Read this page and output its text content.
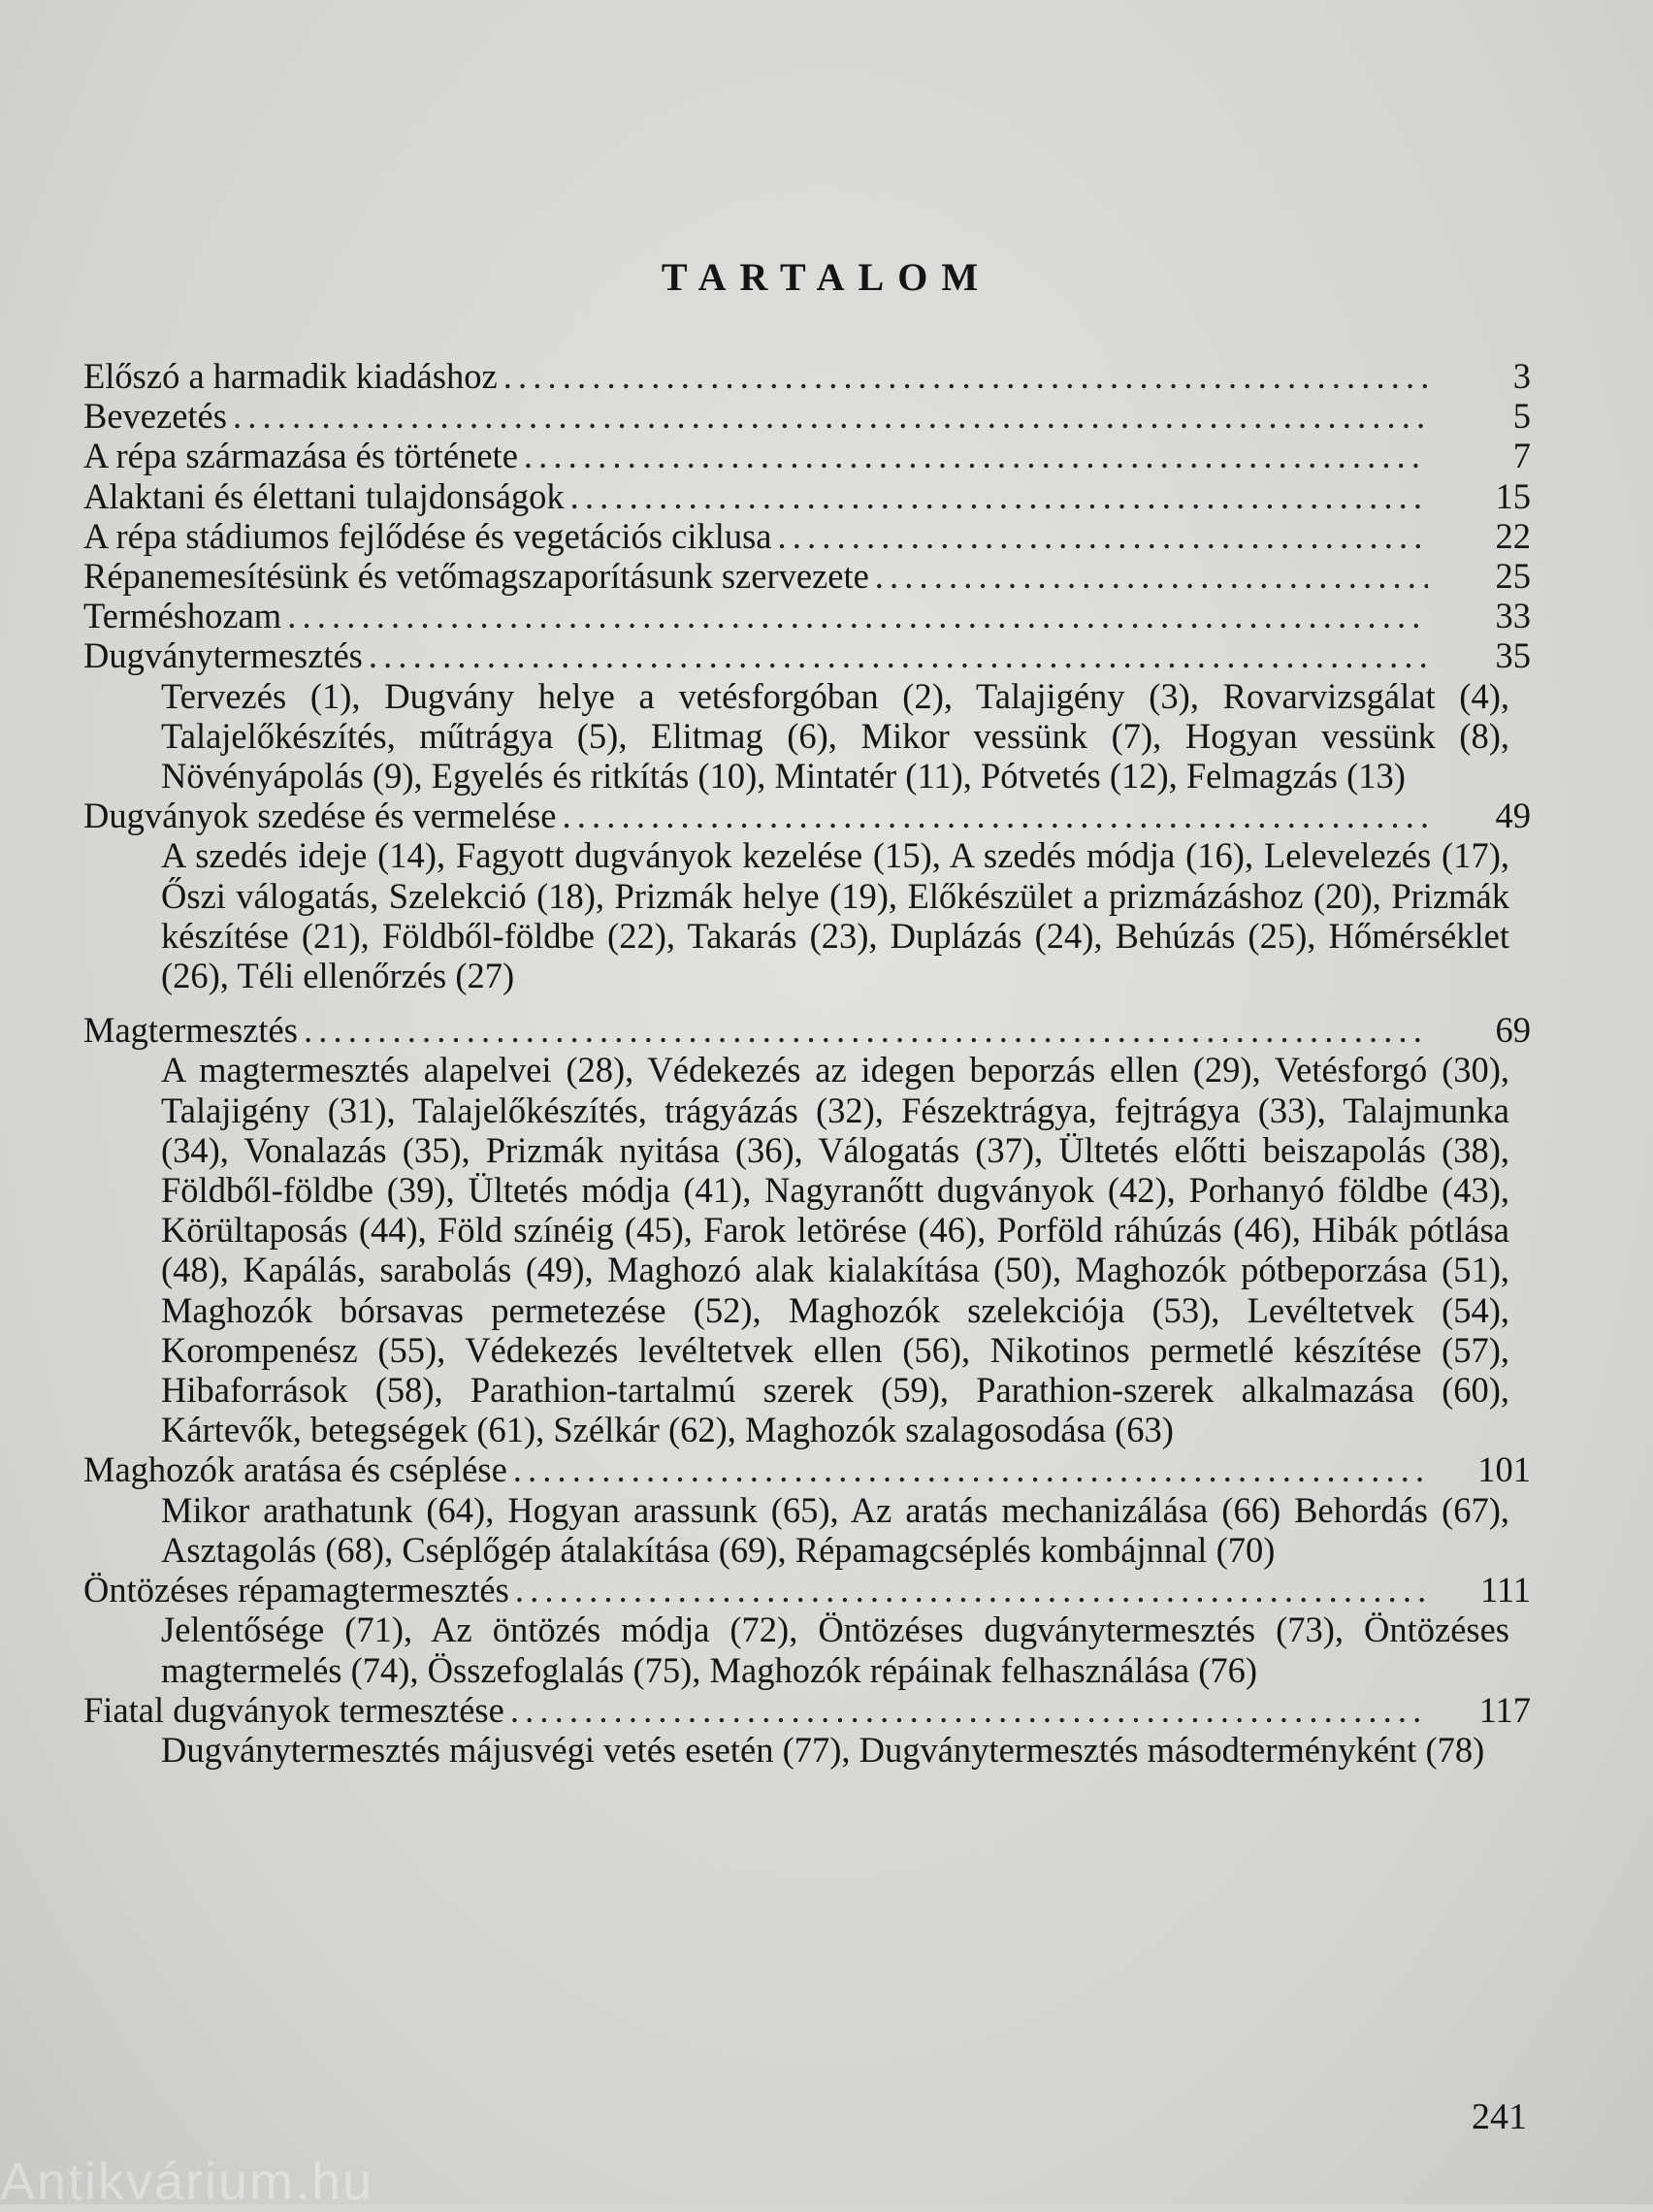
TARTALOM
Előszó a harmadik kiadáshoz . . .	3
Bevezetés . . .	5
A répa származása és története . . .	7
Alaktani és élettani tulajdonságok . . .	15
A répa stádiumos fejlődése és vegetációs ciklusa . . .	22
Répanemesítésünk és vetőmagszaporításunk szervezete . . .	25
Terméshozam . . .	33
Dugványtermesztés . . .	35
Tervezés (1), Dugvány helye a vetésforgóban (2), Talajigény (3), Rovarvizsgálat (4), Talajelőkészítés, műtrágya (5), Elitmag (6), Mikor vessünk (7), Hogyan vessünk (8), Növényápolás (9), Egyelés és ritkítás (10), Mintatér (11), Pótvetés (12), Felmagzás (13)
Dugványok szedése és vermelése . . .	49
A szedés ideje (14), Fagyott dugványok kezelése (15), A szedés módja (16), Lelevelezés (17), Őszi válogatás, Szelekció (18), Prizmák helye (19), Előkészület a prizmázáshoz (20), Prizmák készítése (21), Földből-földbe (22), Takarás (23), Duplázás (24), Behúzás (25), Hőmérséklet (26), Téli ellenőrzés (27)
Magtermesztés . . .	69
A magtermesztés alapelvei (28), Védekezés az idegen beporzás ellen (29), Vetésforgó (30), Talajigény (31), Talajelőkészítés, trágyázás (32), Fészektrágya, fejtrágya (33), Talajmunka (34), Vonalazás (35), Prizmák nyitása (36), Válogatás (37), Ültetés előtti beiszapolás (38), Földből-földbe (39), Ültetés módja (41), Nagyranőtt dugványok (42), Porhanyó földbe (43), Körültaposás (44), Föld színéig (45), Farok letörése (46), Porföld ráhúzás (46), Hibák pótlása (48), Kapálás, sarabolás (49), Maghozó alak kialakítása (50), Maghozók pótbeporzása (51), Maghozók bórsavas permetezése (52), Maghozók szelekciója (53), Levéltetvek (54), Korompenész (55), Védekezés levéltetvek ellen (56), Nikotinos permetlé készítése (57), Hibaforrások (58), Parathion-tartalmú szerek (59), Parathion-szerek alkalmazása (60), Kártevők, betegségek (61), Szélkár (62), Maghozók szalagosodása (63)
Maghozók aratása és cséplése . . .	101
Mikor arathatunk (64), Hogyan arassunk (65), Az aratás mechanizálása (66) Behordás (67), Asztagolás (68), Cséplőgép átalakítása (69), Répamagcséplés kombájnnal (70)
Öntözéses répamagtermesztés . . .	111
Jelentősége (71), Az öntözés módja (72), Öntözéses dugványtermesztés (73), Öntözéses magtermelés (74), Összefoglalás (75), Maghozók répáinak felhasználása (76)
Fiatal dugványok termesztése . . .	117
Dugványtermesztés májusvégi vetés esetén (77), Dugványtermesztés másodterményként (78)
241
Antikvárium.hu
